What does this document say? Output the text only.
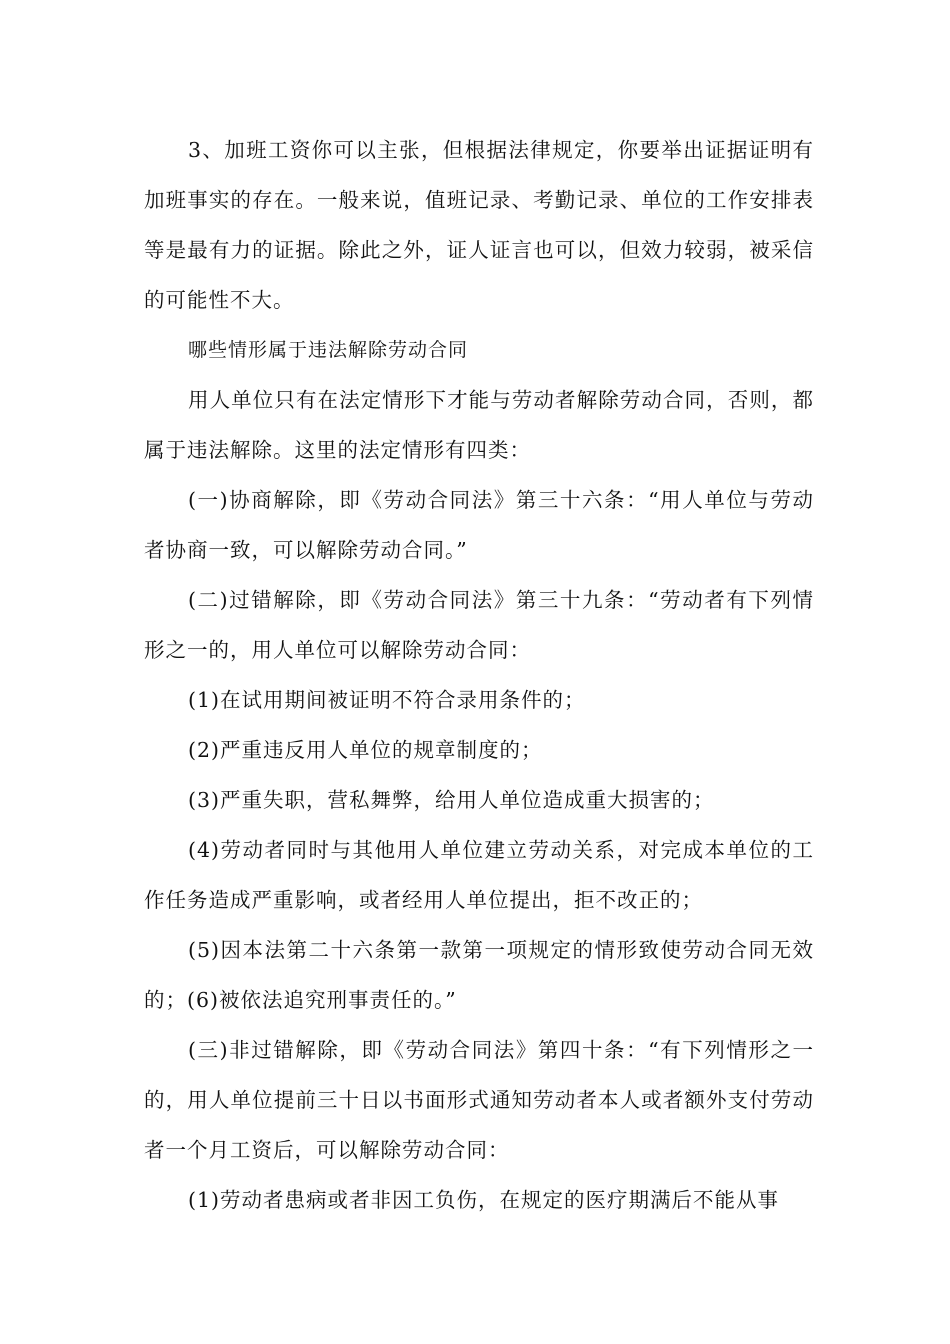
3、加班工资你可以主张，但根据法律规定，你要举出证据证明有加班事实的存在。一般来说，值班记录、考勤记录、单位的工作安排表等是最有力的证据。除此之外，证人证言也可以，但效力较弱，被采信的可能性不大。

哪些情形属于违法解除劳动合同

用人单位只有在法定情形下才能与劳动者解除劳动合同，否则，都属于违法解除。这里的法定情形有四类：

(一)协商解除，即《劳动合同法》第三十六条：“用人单位与劳动者协商一致，可以解除劳动合同。”

(二)过错解除，即《劳动合同法》第三十九条：“劳动者有下列情形之一的，用人单位可以解除劳动合同：

(1)在试用期间被证明不符合录用条件的；

(2)严重违反用人单位的规章制度的；

(3)严重失职，营私舞弊，给用人单位造成重大损害的；

(4)劳动者同时与其他用人单位建立劳动关系，对完成本单位的工作任务造成严重影响，或者经用人单位提出，拒不改正的；

(5)因本法第二十六条第一款第一项规定的情形致使劳动合同无效的；(6)被依法追究刑事责任的。”

(三)非过错解除，即《劳动合同法》第四十条：“有下列情形之一的，用人单位提前三十日以书面形式通知劳动者本人或者额外支付劳动者一个月工资后，可以解除劳动合同：

(1)劳动者患病或者非因工负伤，在规定的医疗期满后不能从事
